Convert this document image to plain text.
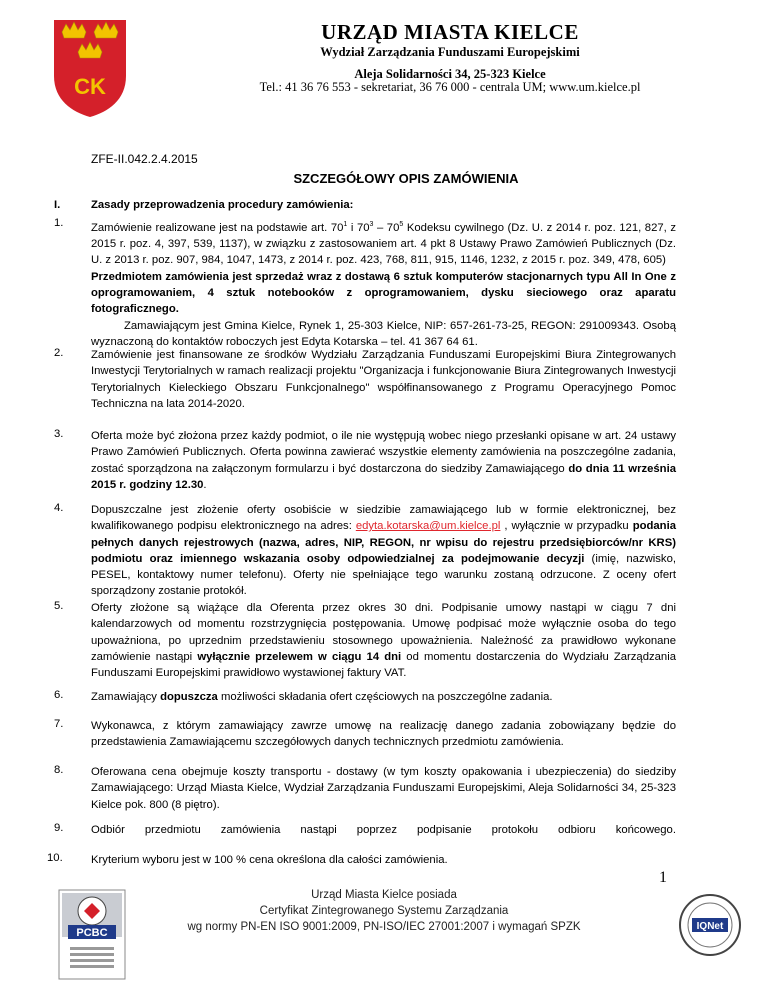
CK
URZĄD MIASTA KIELCE
Wydział Zarządzania Funduszami Europejskimi
Aleja Solidarności 34, 25-323 Kielce
Tel.: 41 36 76 553 - sekretariat, 36 76 000 - centrala UM; www.um.kielce.pl
ZFE-II.042.2.4.2015
SZCZEGÓŁOWY OPIS ZAMÓWIENIA
I.	Zasady przeprowadzenia procedury zamówienia:
1. Zamówienie realizowane jest na podstawie art. $70^1$ i $70^3 - 70^5$ Kodeksu cywilnego (Dz. U. z 2014 r. poz. 121, 827, z 2015 r. poz. 4, 397, 539, 1137), w związku z zastosowaniem art. 4 pkt 8 Ustawy Prawo Zamówień Publicznych (Dz. U. z 2013 r. poz. 907, 984, 1047, 1473, z 2014 r. poz. 423, 768, 811, 915, 1146, 1232, z 2015 r. poz. 349, 478, 605)
Przedmiotem zamówienia jest sprzedaż wraz z dostawą 6 sztuk komputerów stacjonarnych typu All In One z oprogramowaniem, 4 sztuk notebooków z oprogramowaniem, dysku sieciowego oraz aparatu fotograficznego.
Zamawiającym jest Gmina Kielce, Rynek 1, 25-303 Kielce, NIP: 657-261-73-25, REGON: 291009343. Osobą wyznaczoną do kontaktów roboczych jest Edyta Kotarska – tel. 41 367 64 61.
2. Zamówienie jest finansowane ze środków Wydziału Zarządzania Funduszami Europejskimi Biura Zintegrowanych Inwestycji Terytorialnych w ramach realizacji projektu "Organizacja i funkcjonowanie Biura Zintegrowanych Inwestycji Terytorialnych Kieleckiego Obszaru Funkcjonalnego" współfinansowanego z Programu Operacyjnego Pomoc Techniczna na lata 2014-2020.
3. Oferta może być złożona przez każdy podmiot, o ile nie występują wobec niego przesłanki opisane w art. 24 ustawy Prawo Zamówień Publicznych. Oferta powinna zawierać wszystkie elementy zamówienia na poszczególne zadania, zostać sporządzona na załączonym formularzu i być dostarczona do siedziby Zamawiającego do dnia 11 września 2015 r. godziny 12.30.
4. Dopuszczalne jest złożenie oferty osobiście w siedzibie zamawiającego lub w formie elektronicznej, bez kwalifikowanego podpisu elektronicznego na adres: edyta.kotarska@um.kielce.pl , wyłącznie w przypadku podania pełnych danych rejestrowych (nazwa, adres, NIP, REGON, nr wpisu do rejestru przedsiębiorców/nr KRS) podmiotu oraz imiennego wskazania osoby odpowiedzialnej za podejmowanie decyzji (imię, nazwisko, PESEL, kontaktowy numer telefonu). Oferty nie spełniające tego warunku zostaną odrzucone. Z oceny ofert sporządzony zostanie protokół.
5. Oferty złożone są wiążące dla Oferenta przez okres 30 dni. Podpisanie umowy nastąpi w ciągu 7 dni kalendarzowych od momentu rozstrzygnięcia postępowania. Umowę podpisać może wyłącznie osoba do tego upoważniona, po uprzednim przedstawieniu stosownego upoważnienia. Należność za prawidłowo wykonane zamówienie nastąpi wyłącznie przelewem w ciągu 14 dni od momentu dostarczenia do Wydziału Zarządzania Funduszami Europejskimi prawidłowo wystawionej faktury VAT.
6. Zamawiający dopuszcza możliwości składania ofert częściowych na poszczególne zadania.
7. Wykonawca, z którym zamawiający zawrze umowę na realizację danego zadania zobowiązany będzie do przedstawienia Zamawiającemu szczegółowych danych technicznych przedmiotu zamówienia.
8. Oferowana cena obejmuje koszty transportu - dostawy (w tym koszty opakowania i ubezpieczenia) do siedziby Zamawiającego: Urząd Miasta Kielce, Wydział Zarządzania Funduszami Europejskimi, Aleja Solidarności 34, 25-323 Kielce pok. 800 (8 piętro).
9. Odbiór przedmiotu zamówienia nastąpi poprzez podpisanie protokołu odbioru końcowego.
10.	Kryterium wyboru jest w 100 % cena określona dla całości zamówienia.
1
PCBC
Urząd Miasta Kielce posiada
Certyfikat Zintegrowanego Systemu Zarządzania
wg normy PN-EN ISO 9001:2009, PN-ISO/IEC 27001:2007 i wymagań SPZK	IQNet
